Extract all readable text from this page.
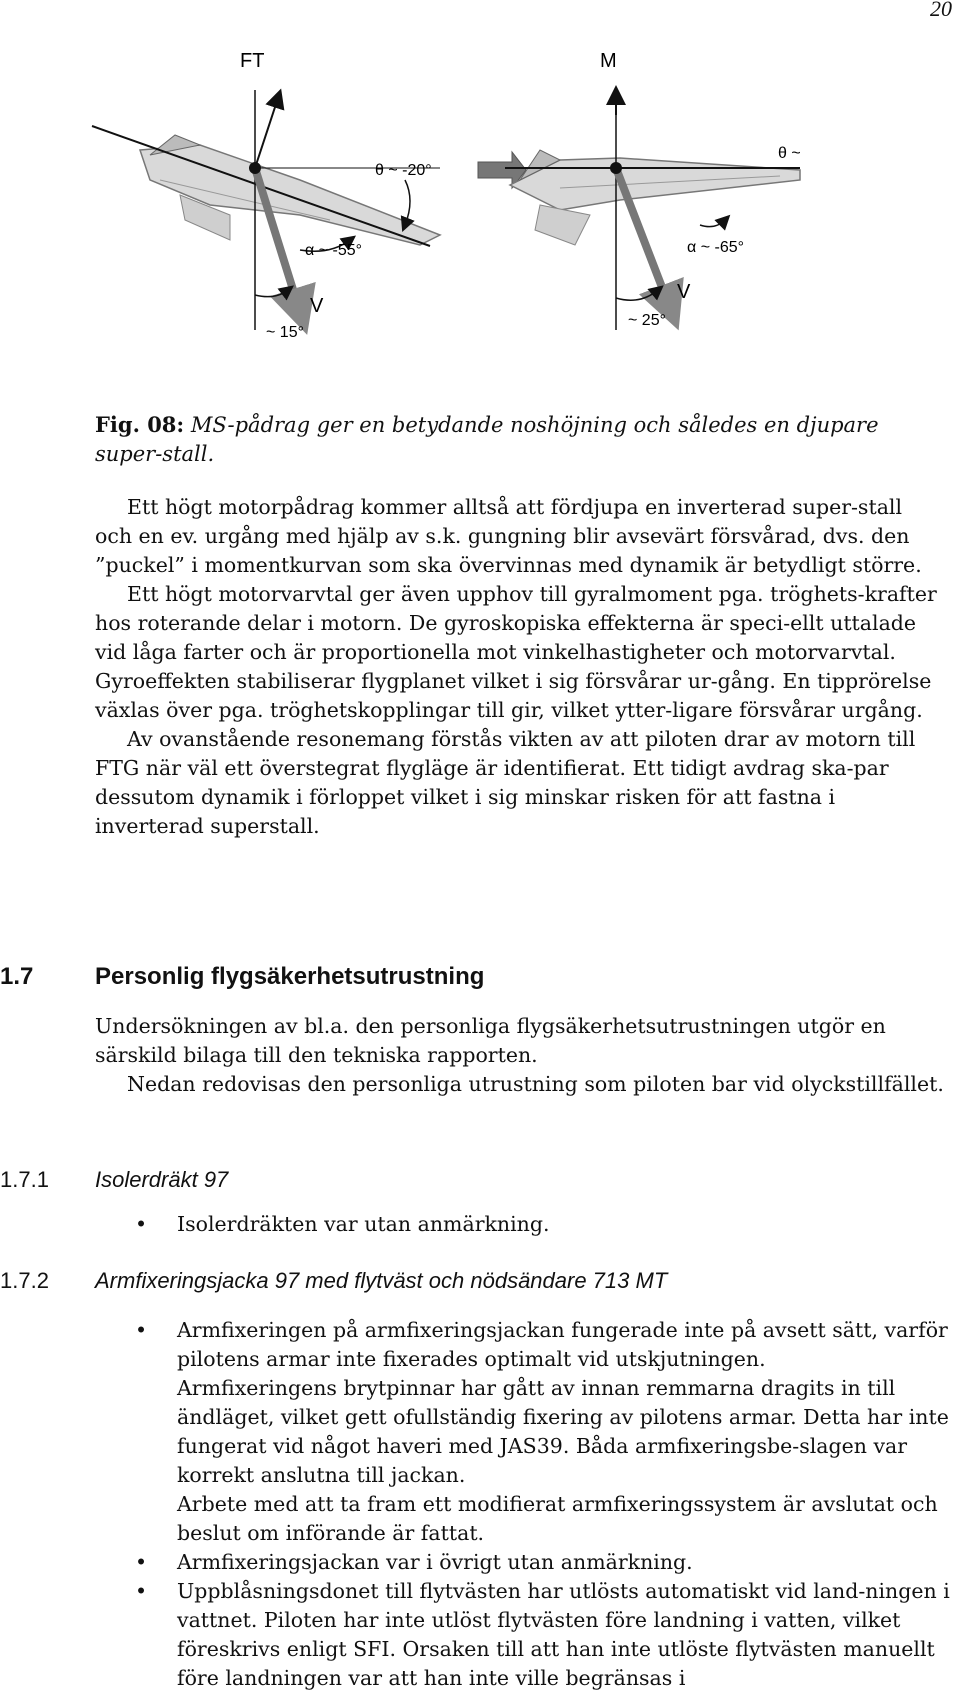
20
FT
θ ~ -20°
α ~ -55°
V
~ 15°
M
θ ~
α ~ -65°
V
~ 25°
Fig. 08: MS-pådrag ger en betydande noshöjning och således en djupare super-stall.

Ett högt motorpådrag kommer alltså att fördjupa en inverterad super-stall och en ev. urgång med hjälp av s.k. gungning blir avsevärt försvårad, dvs. den ”puckel” i momentkurvan som ska övervinnas med dynamik är betydligt större.

Ett högt motorvarvtal ger även upphov till gyralmoment pga. tröghets-krafter hos roterande delar i motorn. De gyroskopiska effekterna är speci-ellt uttalade vid låga farter och är proportionella mot vinkelhastigheter och motorvarvtal. Gyroeffekten stabiliserar flygplanet vilket i sig försvårar ur-gång. En tipprörelse växlas över pga. tröghetskopplingar till gir, vilket ytter-ligare försvårar urgång.

Av ovanstående resonemang förstås vikten av att piloten drar av motorn till FTG när väl ett överstegrat flygläge är identifierat. Ett tidigt avdrag ska-par dessutom dynamik i förloppet vilket i sig minskar risken för att fastna i inverterad superstall.

1.7	Personlig flygsäkerhetsutrustning

Undersökningen av bl.a. den personliga flygsäkerhetsutrustningen utgör en särskild bilaga till den tekniska rapporten.

Nedan redovisas den personliga utrustning som piloten bar vid olyckstillfället.

1.7.1 Isolerdräkt 97
• Isolerdräkten var utan anmärkning.

1.7.2 Armfixeringsjacka 97 med flytväst och nödsändare 713 MT
• Armfixeringen på armfixeringsjackan fungerade inte på avsett sätt, varför pilotens armar inte fixerades optimalt vid utskjutningen.

Armfixeringens brytpinnar har gått av innan remmarna dragits in till ändläget, vilket gett ofullständig fixering av pilotens armar. Detta har inte fungerat vid något haveri med JAS39. Båda armfixeringsbe-slagen var korrekt anslutna till jackan.

Arbete med att ta fram ett modifierat armfixeringssystem är avslutat och beslut om införande är fattat.

• Armfixeringsjackan var i övrigt utan anmärkning.

• Uppblåsningsdonet till flytvästen har utlösts automatiskt vid land-ningen i vattnet. Piloten har inte utlöst flytvästen före landning i vatten, vilket föreskrivs enligt SFI. Orsaken till att han inte utlöste flytvästen manuellt före landningen var att han inte ville begränsas i
